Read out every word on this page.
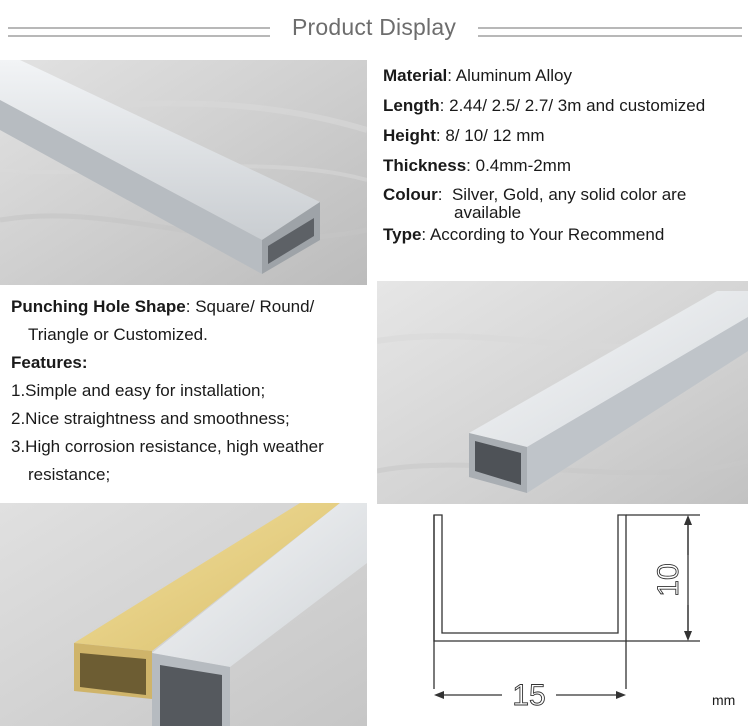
Product Display
Material: Aluminum Alloy
Length: 2.44/ 2.5/ 2.7/ 3m and customized
Height: 8/ 10/ 12 mm
Thickness: 0.4mm-2mm
Colour:  Silver, Gold, any solid color are
available
Type: According to Your Recommend
Punching Hole Shape: Square/ Round/
Triangle or Customized.
Features:
1.Simple and easy for installation;
2.Nice straightness and smoothness;
3.High corrosion resistance, high weather
resistance;
15
10
mm
